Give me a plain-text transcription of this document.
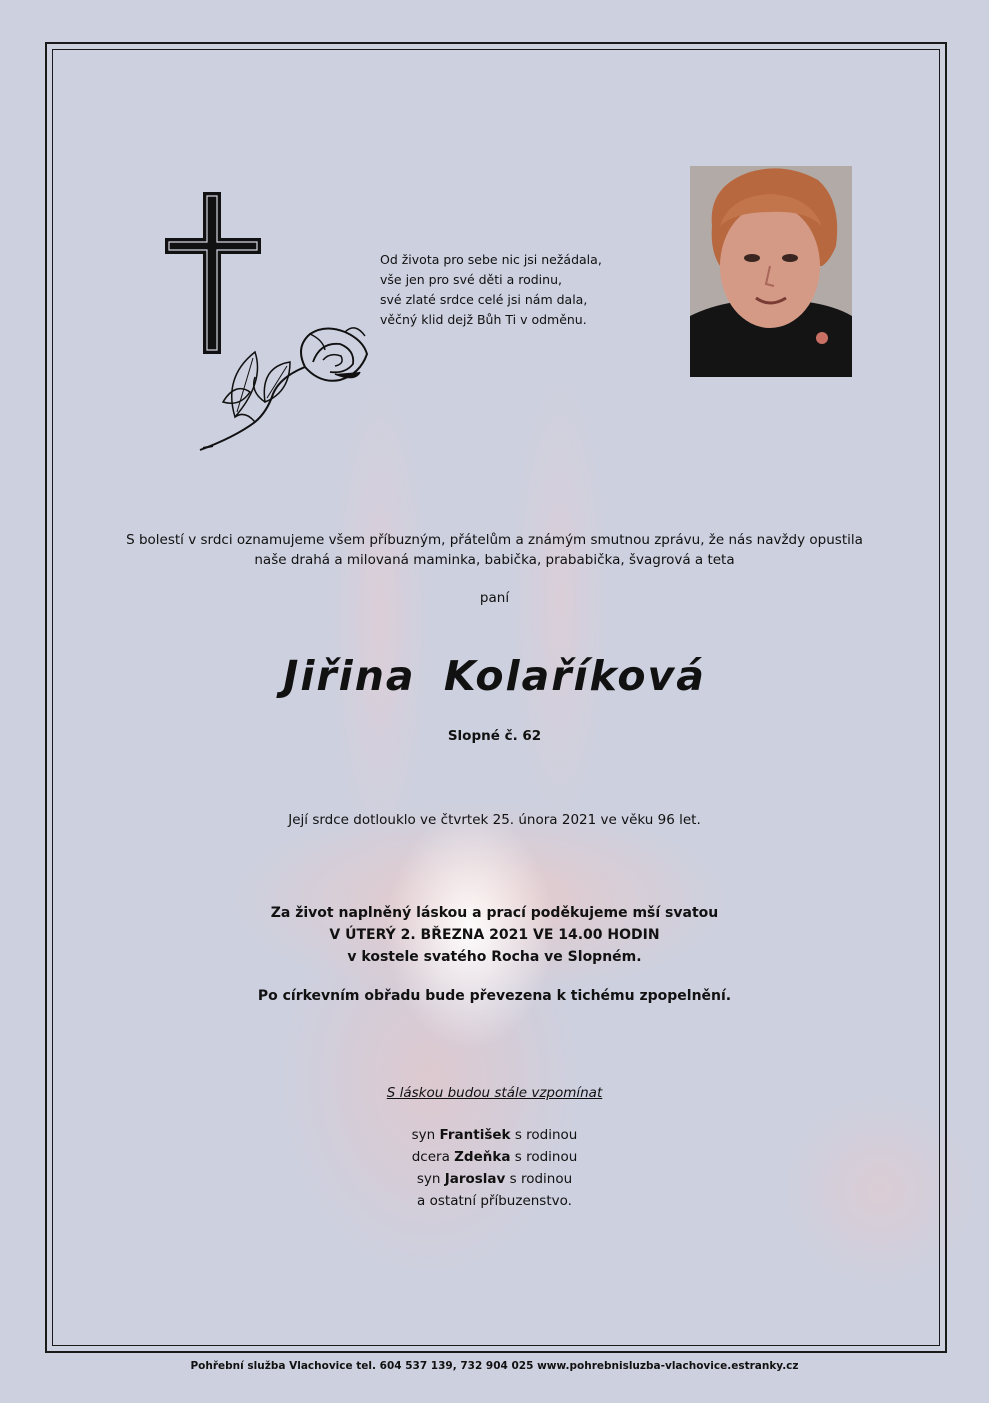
Od života pro sebe nic jsi nežádala,
vše jen pro své děti a rodinu,
své zlaté srdce celé jsi nám dala,
věčný klid dejž Bůh Ti v odměnu.
S bolestí v srdci oznamujeme všem příbuzným, přátelům a známým smutnou zprávu, že nás navždy opustila
naše drahá a milovaná maminka, babička, prababička, švagrová a teta
paní
Jiřina Kolaříková
Slopné č. 62
Její srdce dotlouklo ve čtvrtek 25. února 2021 ve věku 96 let.
Za život naplněný láskou a prací poděkujeme mší svatou
V ÚTERÝ 2. BŘEZNA 2021 VE 14.00 HODIN
v kostele svatého Rocha ve Slopném.
Po církevním obřadu bude převezena k tichému zpopelnění.
S láskou budou stále vzpomínat
syn František s rodinou
dcera Zdeňka s rodinou
syn Jaroslav s rodinou
a ostatní příbuzenstvo.
Pohřební služba Vlachovice tel. 604 537 139, 732 904 025 www.pohrebnisluzba-vlachovice.estranky.cz
